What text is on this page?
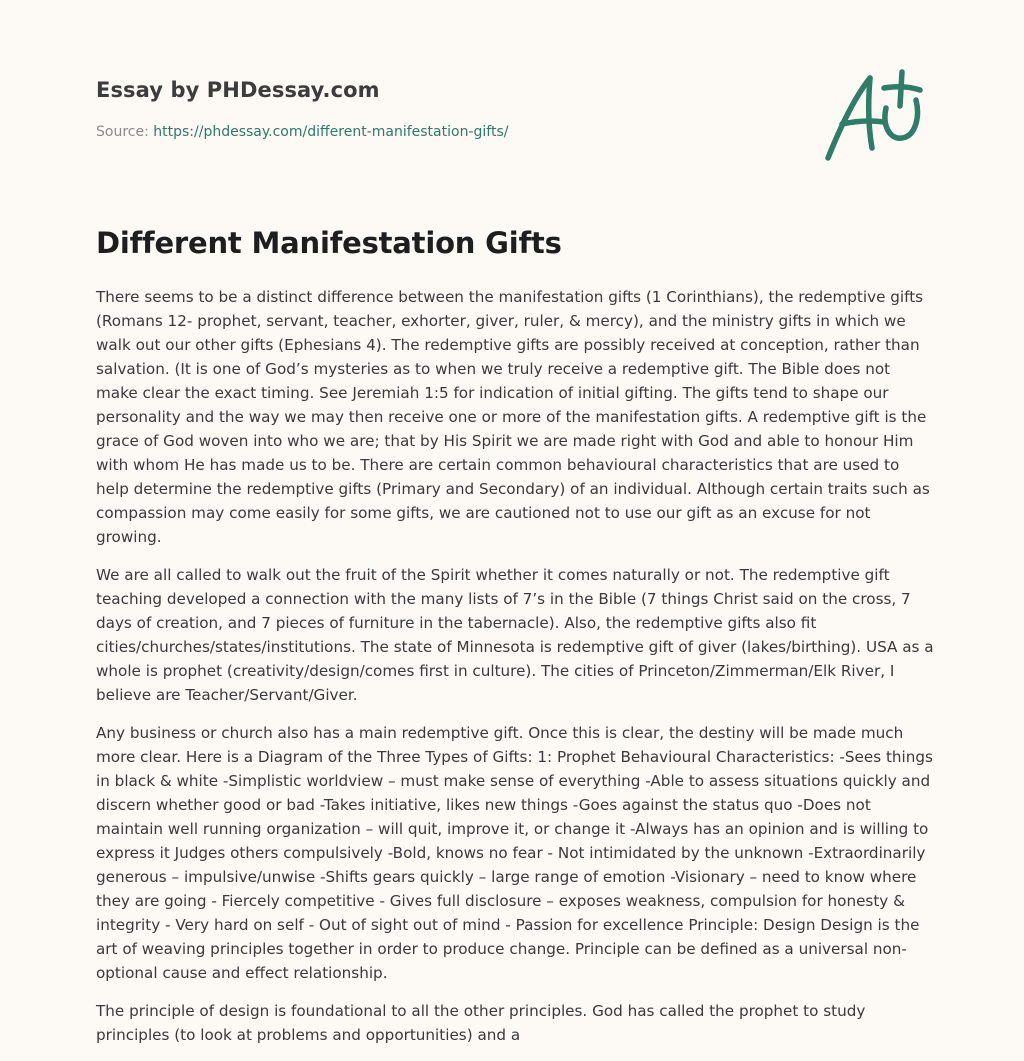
Essay by PHDessay.com

Source: https://phdessay.com/different-manifestation-gifts/

Different Manifestation Gifts

There seems to be a distinct difference between the manifestation gifts (1 Corinthians), the redemptive gifts (Romans 12- prophet, servant, teacher, exhorter, giver, ruler, & mercy), and the ministry gifts in which we walk out our other gifts (Ephesians 4). The redemptive gifts are possibly received at conception, rather than salvation. (It is one of God’s mysteries as to when we truly receive a redemptive gift. The Bible does not make clear the exact timing. See Jeremiah 1:5 for indication of initial gifting. The gifts tend to shape our personality and the way we may then receive one or more of the manifestation gifts. A redemptive gift is the grace of God woven into who we are; that by His Spirit we are made right with God and able to honour Him with whom He has made us to be. There are certain common behavioural characteristics that are used to help determine the redemptive gifts (Primary and Secondary) of an individual. Although certain traits such as compassion may come easily for some gifts, we are cautioned not to use our gift as an excuse for not growing.

We are all called to walk out the fruit of the Spirit whether it comes naturally or not. The redemptive gift teaching developed a connection with the many lists of 7’s in the Bible (7 things Christ said on the cross, 7 days of creation, and 7 pieces of furniture in the tabernacle). Also, the redemptive gifts also fit cities/churches/states/institutions. The state of Minnesota is redemptive gift of giver (lakes/birthing). USA as a whole is prophet (creativity/design/comes first in culture). The cities of Princeton/Zimmerman/Elk River, I believe are Teacher/Servant/Giver.

Any business or church also has a main redemptive gift. Once this is clear, the destiny will be made much more clear. Here is a Diagram of the Three Types of Gifts: 1: Prophet Behavioural Characteristics: -Sees things in black & white -Simplistic worldview – must make sense of everything -Able to assess situations quickly and discern whether good or bad -Takes initiative, likes new things -Goes against the status quo -Does not maintain well running organization – will quit, improve it, or change it -Always has an opinion and is willing to express it Judges others compulsively -Bold, knows no fear - Not intimidated by the unknown -Extraordinarily generous – impulsive/unwise -Shifts gears quickly – large range of emotion -Visionary – need to know where they are going - Fiercely competitive - Gives full disclosure – exposes weakness, compulsion for honesty & integrity - Very hard on self - Out of sight out of mind - Passion for excellence Principle: Design Design is the art of weaving principles together in order to produce change. Principle can be defined as a universal non-optional cause and effect relationship.

The principle of design is foundational to all the other principles. God has called the prophet to study principles (to look at problems and opportunities) and a
